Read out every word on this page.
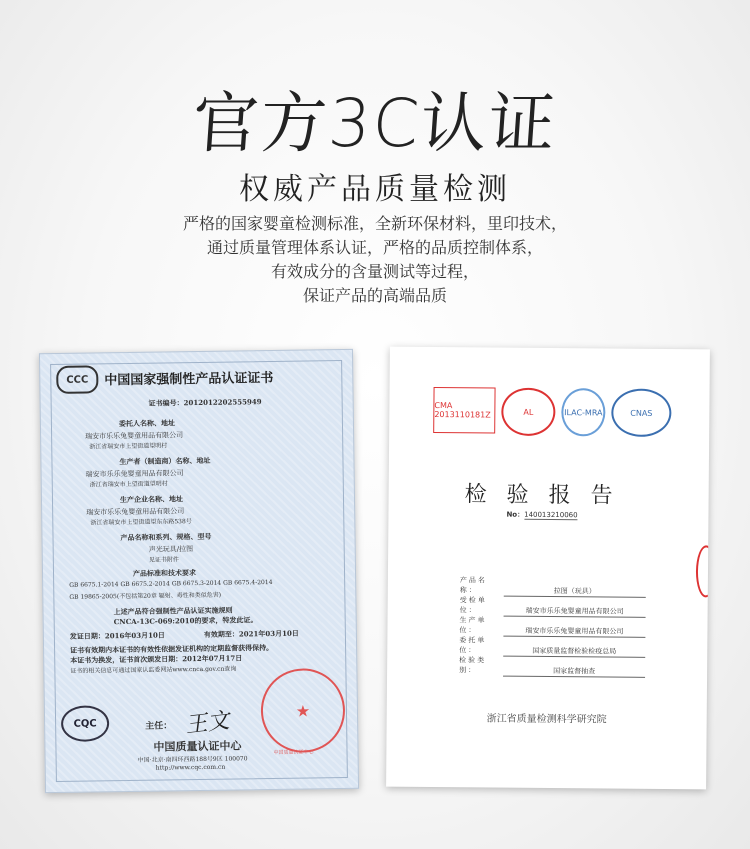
官方3C认证
权威产品质量检测
严格的国家婴童检测标准，全新环保材料，里印技术，
通过质量管理体系认证，严格的品质控制体系，
有效成分的含量测试等过程，
保证产品的高端品质
CCC	中国国家强制性产品认证证书
证书编号：2012012202555949
委托人名称、地址
瑞安市乐乐兔婴童用品有限公司
浙江省瑞安市上望街道望明村
生产者（制造商）名称、地址
瑞安市乐乐兔婴童用品有限公司
浙江省瑞安市上望街道望明村
生产企业名称、地址
瑞安市乐乐兔婴童用品有限公司
浙江省瑞安市上望街道望东东路538号
产品名称和系列、规格、型号
声光玩具/拉图
见证书附件
产品标准和技术要求
GB 6675.1-2014 GB 6675.2-2014 GB 6675.3-2014 GB 6675.4-2014
GB 19865-2005(不包括第20章 辐射、毒性和类似危害)
上述产品符合强制性产品认证实施规则
CNCA-13C-069:2010的要求，特发此证。
发证日期：2016年03月10日	有效期至：2021年03月10日
证书有效期内本证书的有效性依据发证机构的定期监督获得保持。
本证书为换发，证书首次颁发日期：2012年07月17日
证书的相关信息可通过国家认监委网站www.cnca.gov.cn查询
★
中国质量认证中心
CQC	主任： 王文
中国质量认证中心
中国·北京·南四环西路188号9区 100070
http://www.cqc.com.cn
CMA 2013110181Z	AL	ILAC-MRA	CNAS
检验报告
No：140013210060
产品名称：	拉图（玩具）
受检单位：	瑞安市乐乐兔婴童用品有限公司
生产单位：	瑞安市乐乐兔婴童用品有限公司
委托单位：	国家质量监督检验检疫总局
检验类别：	国家监督抽查
浙江省质量检测科学研究院
